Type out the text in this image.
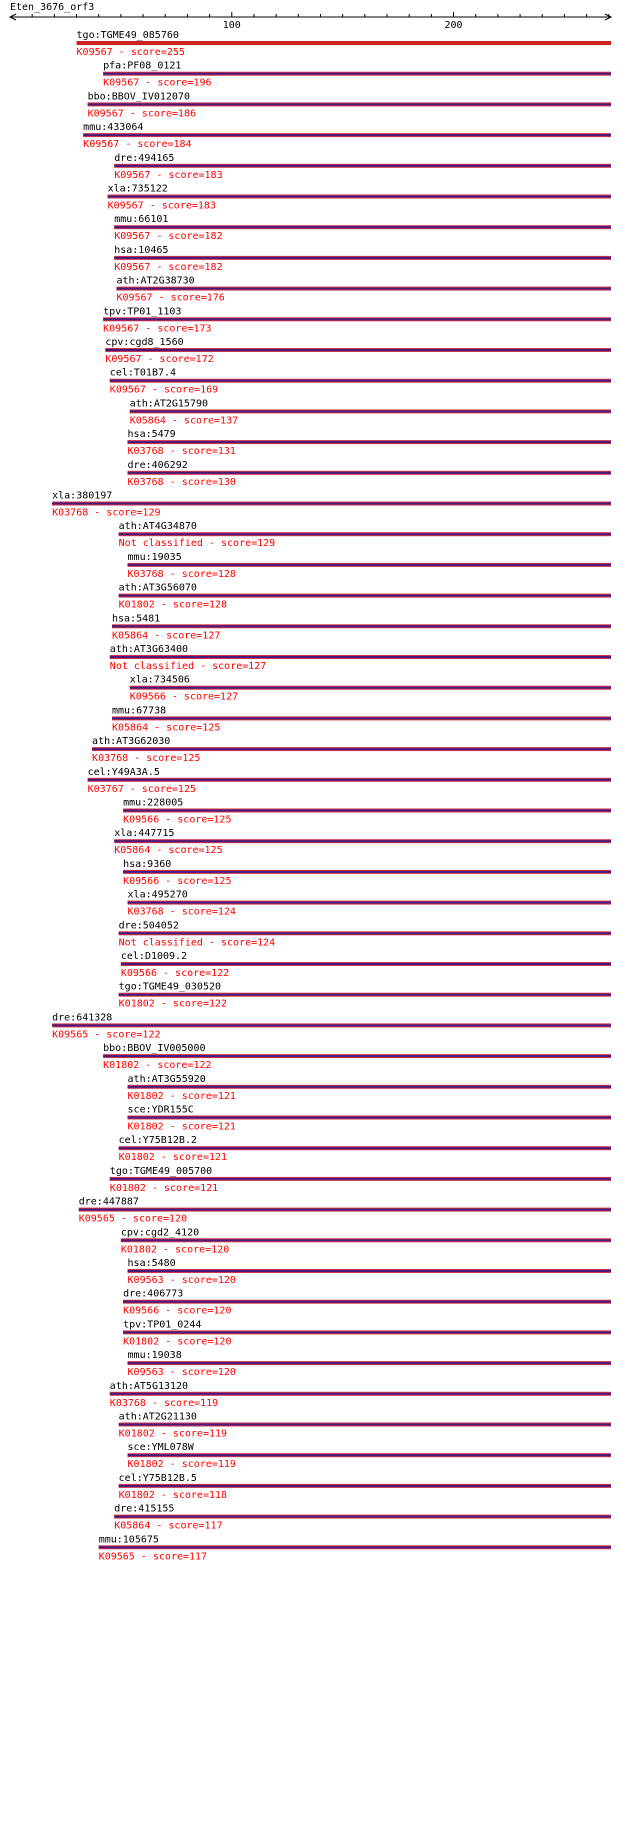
Eten_3676_orf3
100	200
tgo:TGME49_085760
K09567 - score=255
pfa:PF08_0121
K09567 - score=196
bbo:BBOV_IV012070
K09567 - score=186
mmu:433064
K09567 - score=184
dre:494165
K09567 - score=183
xla:735122
K09567 - score=183
mmu:66101
K09567 - score=182
hsa:10465
K09567 - score=182
ath:AT2G38730
K09567 - score=176
tpv:TP01_1103
K09567 - score=173
cpv:cgd8_1560
K09567 - score=172
cel:T01B7.4
K09567 - score=169
ath:AT2G15790
K05864 - score=137
hsa:5479
K03768 - score=131
dre:406292
K03768 - score=130
xla:380197
K03768 - score=129
ath:AT4G34870
Not classified - score=129
mmu:19035
K03768 - score=128
ath:AT3G56070
K01802 - score=128
hsa:5481
K05864 - score=127
ath:AT3G63400
Not classified - score=127
xla:734506
K09566 - score=127
mmu:67738
K05864 - score=125
ath:AT3G62030
K03768 - score=125
cel:Y49A3A.5
K03767 - score=125
mmu:228005
K09566 - score=125
xla:447715
K05864 - score=125
hsa:9360
K09566 - score=125
xla:495270
K03768 - score=124
dre:504052
Not classified - score=124
cel:D1009.2
K09566 - score=122
tgo:TGME49_030520
K01802 - score=122
dre:641328
K09565 - score=122
bbo:BBOV_IV005000
K01802 - score=122
ath:AT3G55920
K01802 - score=121
sce:YDR155C
K01802 - score=121
cel:Y75B12B.2
K01802 - score=121
tgo:TGME49_005700
K01802 - score=121
dre:447887
K09565 - score=120
cpv:cgd2_4120
K01802 - score=120
hsa:5480
K09563 - score=120
dre:406773
K09566 - score=120
tpv:TP01_0244
K01802 - score=120
mmu:19038
K09563 - score=120
ath:AT5G13120
K03768 - score=119
ath:AT2G21130
K01802 - score=119
sce:YML078W
K01802 - score=119
cel:Y75B12B.5
K01802 - score=118
dre:415155
K05864 - score=117
mmu:105675
K09565 - score=117
